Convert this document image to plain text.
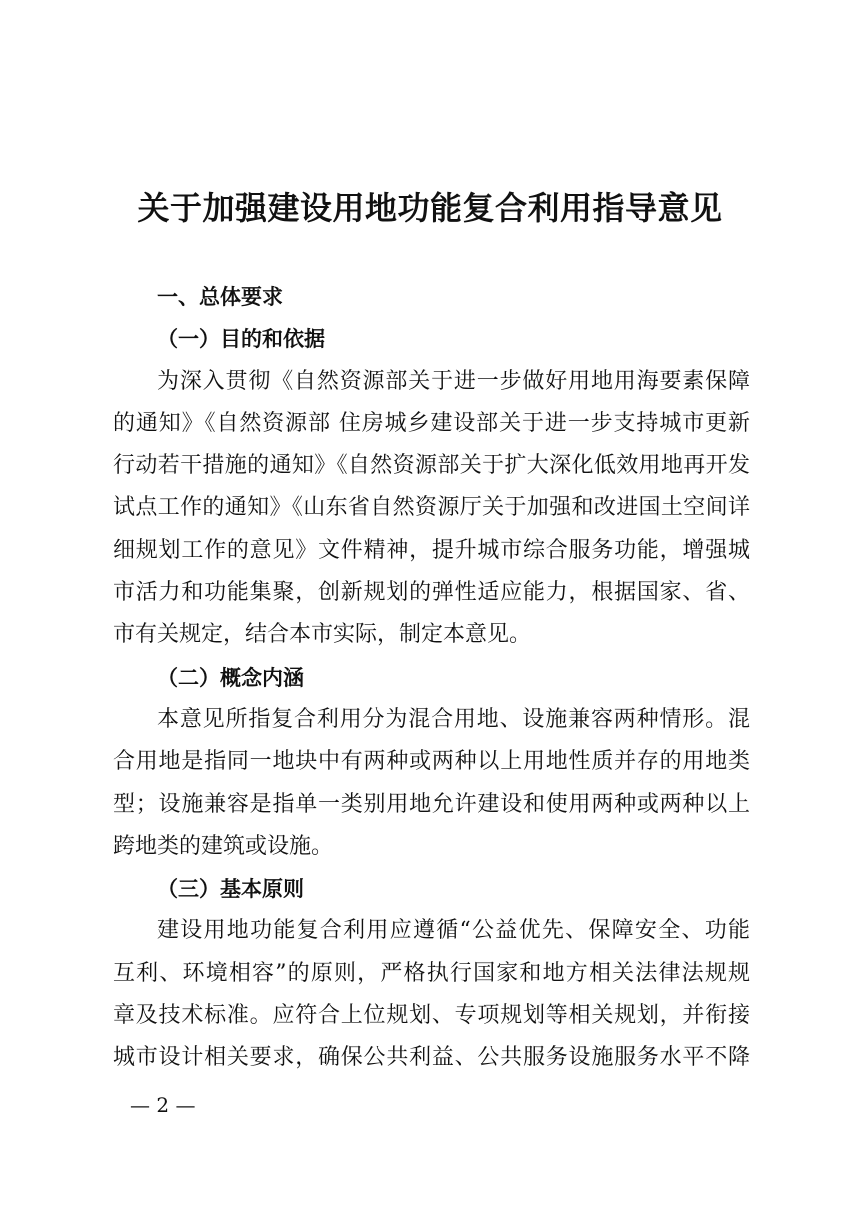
关于加强建设用地功能复合利用指导意见

一、总体要求

（一）目的和依据

为深入贯彻《自然资源部关于进一步做好用地用海要素保障
的通知》《自然资源部 住房城乡建设部关于进一步支持城市更新
行动若干措施的通知》《自然资源部关于扩大深化低效用地再开发
试点工作的通知》《山东省自然资源厅关于加强和改进国土空间详
细规划工作的意见》文件精神，提升城市综合服务功能，增强城
市活力和功能集聚，创新规划的弹性适应能力，根据国家、省、
市有关规定，结合本市实际，制定本意见。

（二）概念内涵

本意见所指复合利用分为混合用地、设施兼容两种情形。混
合用地是指同一地块中有两种或两种以上用地性质并存的用地类
型；设施兼容是指单一类别用地允许建设和使用两种或两种以上
跨地类的建筑或设施。

（三）基本原则

建设用地功能复合利用应遵循“公益优先、保障安全、功能
互利、环境相容”的原则，严格执行国家和地方相关法律法规规
章及技术标准。应符合上位规划、专项规划等相关规划，并衔接
城市设计相关要求，确保公共利益、公共服务设施服务水平不降

— 2 —
